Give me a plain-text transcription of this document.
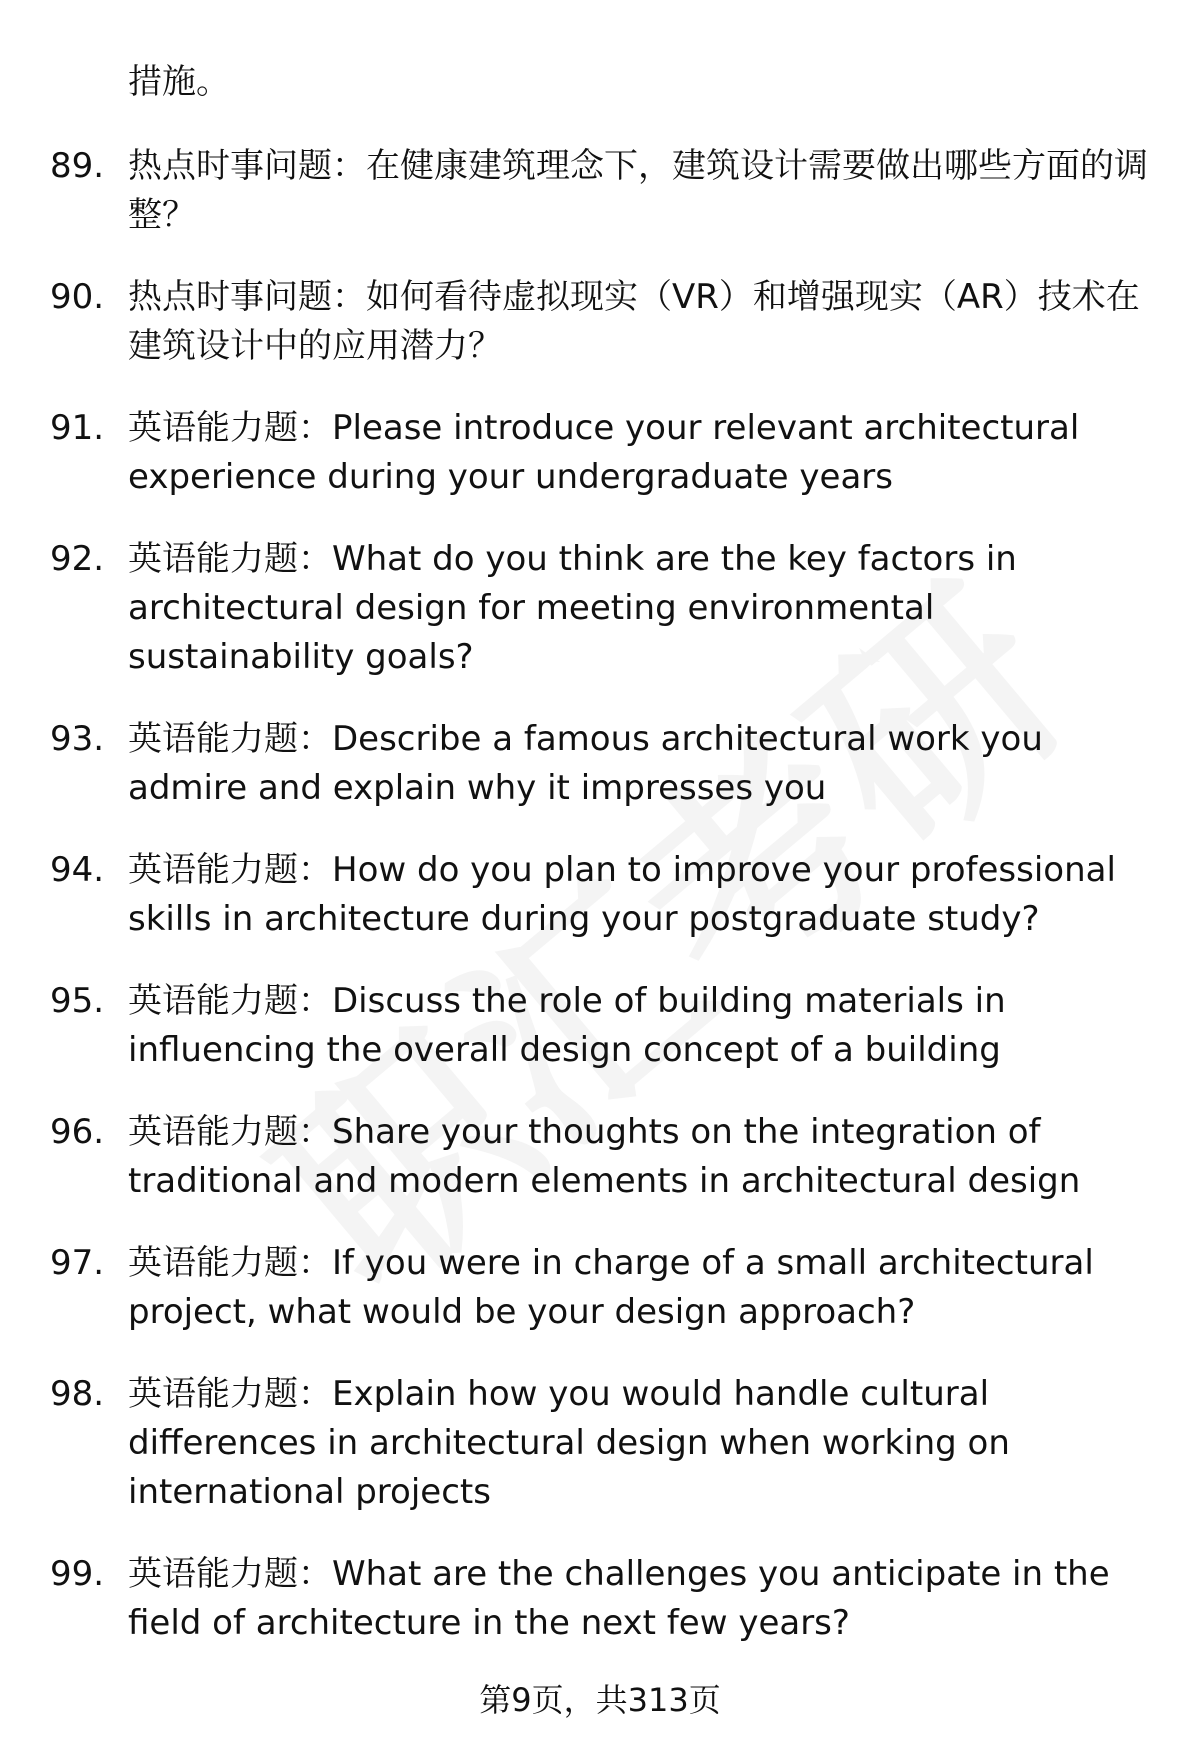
措施。
89. 热点时事问题：在健康建筑理念下，建筑设计需要做出哪些方面的调整？
90. 热点时事问题：如何看待虚拟现实（VR）和增强现实（AR）技术在建筑设计中的应用潜力？
91. 英语能力题：Please introduce your relevant architectural experience during your undergraduate years
92. 英语能力题：What do you think are the key factors in architectural design for meeting environmental sustainability goals?
93. 英语能力题：Describe a famous architectural work you admire and explain why it impresses you
94. 英语能力题：How do you plan to improve your professional skills in architecture during your postgraduate study?
95. 英语能力题：Discuss the role of building materials in influencing the overall design concept of a building
96. 英语能力题：Share your thoughts on the integration of traditional and modern elements in architectural design
97. 英语能力题：If you were in charge of a small architectural project, what would be your design approach?
98. 英语能力题：Explain how you would handle cultural differences in architectural design when working on international projects
99. 英语能力题：What are the challenges you anticipate in the field of architecture in the next few years?
第9页，共313页
